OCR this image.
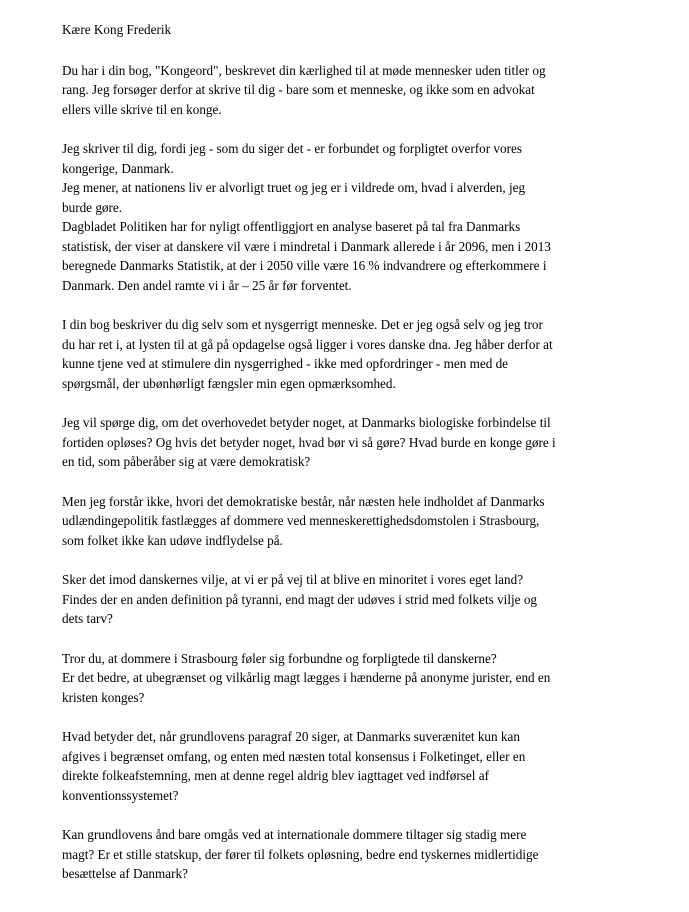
Kære Kong Frederik

Du har i din bog, "Kongeord", beskrevet din kærlighed til at møde mennesker uden titler og
rang. Jeg forsøger derfor at skrive til dig - bare som et menneske, og ikke som en advokat
ellers ville skrive til en konge.

Jeg skriver til dig, fordi jeg - som du siger det - er forbundet og forpligtet overfor vores
kongerige, Danmark.
Jeg mener, at nationens liv er alvorligt truet og jeg er i vildrede om, hvad i alverden, jeg
burde gøre.
Dagbladet Politiken har for nyligt offentliggjort en analyse baseret på tal fra Danmarks
statistisk, der viser at danskere vil være i mindretal i Danmark allerede i år 2096, men i 2013
beregnede Danmarks Statistik, at der i 2050 ville være 16 % indvandrere og efterkommere i
Danmark. Den andel ramte vi i år – 25 år før forventet.

I din bog beskriver du dig selv som et nysgerrigt menneske. Det er jeg også selv og jeg tror
du har ret i, at lysten til at gå på opdagelse også ligger i vores danske dna. Jeg håber derfor at
kunne tjene ved at stimulere din nysgerrighed - ikke med opfordringer - men med de
spørgsmål, der ubønhørligt fængsler min egen opmærksomhed.

Jeg vil spørge dig, om det overhovedet betyder noget, at Danmarks biologiske forbindelse til
fortiden opløses? Og hvis det betyder noget, hvad bør vi så gøre? Hvad burde en konge gøre i
en tid, som påberåber sig at være demokratisk?

Men jeg forstår ikke, hvori det demokratiske består, når næsten hele indholdet af Danmarks
udlændingepolitik fastlægges af dommere ved menneskerettighedsdomstolen i Strasbourg,
som folket ikke kan udøve indflydelse på.

Sker det imod danskernes vilje, at vi er på vej til at blive en minoritet i vores eget land?
Findes der en anden definition på tyranni, end magt der udøves i strid med folkets vilje og
dets tarv?

Tror du, at dommere i Strasbourg føler sig forbundne og forpligtede til danskerne?
Er det bedre, at ubegrænset og vilkårlig magt lægges i hænderne på anonyme jurister, end en
kristen konges?

Hvad betyder det, når grundlovens paragraf 20 siger, at Danmarks suverænitet kun kan
afgives i begrænset omfang, og enten med næsten total konsensus i Folketinget, eller en
direkte folkeafstemning, men at denne regel aldrig blev iagttaget ved indførsel af
konventionssystemet?

Kan grundlovens ånd bare omgås ved at internationale dommere tiltager sig stadig mere
magt? Er et stille statskup, der fører til folkets opløsning, bedre end tyskernes midlertidige
besættelse af Danmark?
